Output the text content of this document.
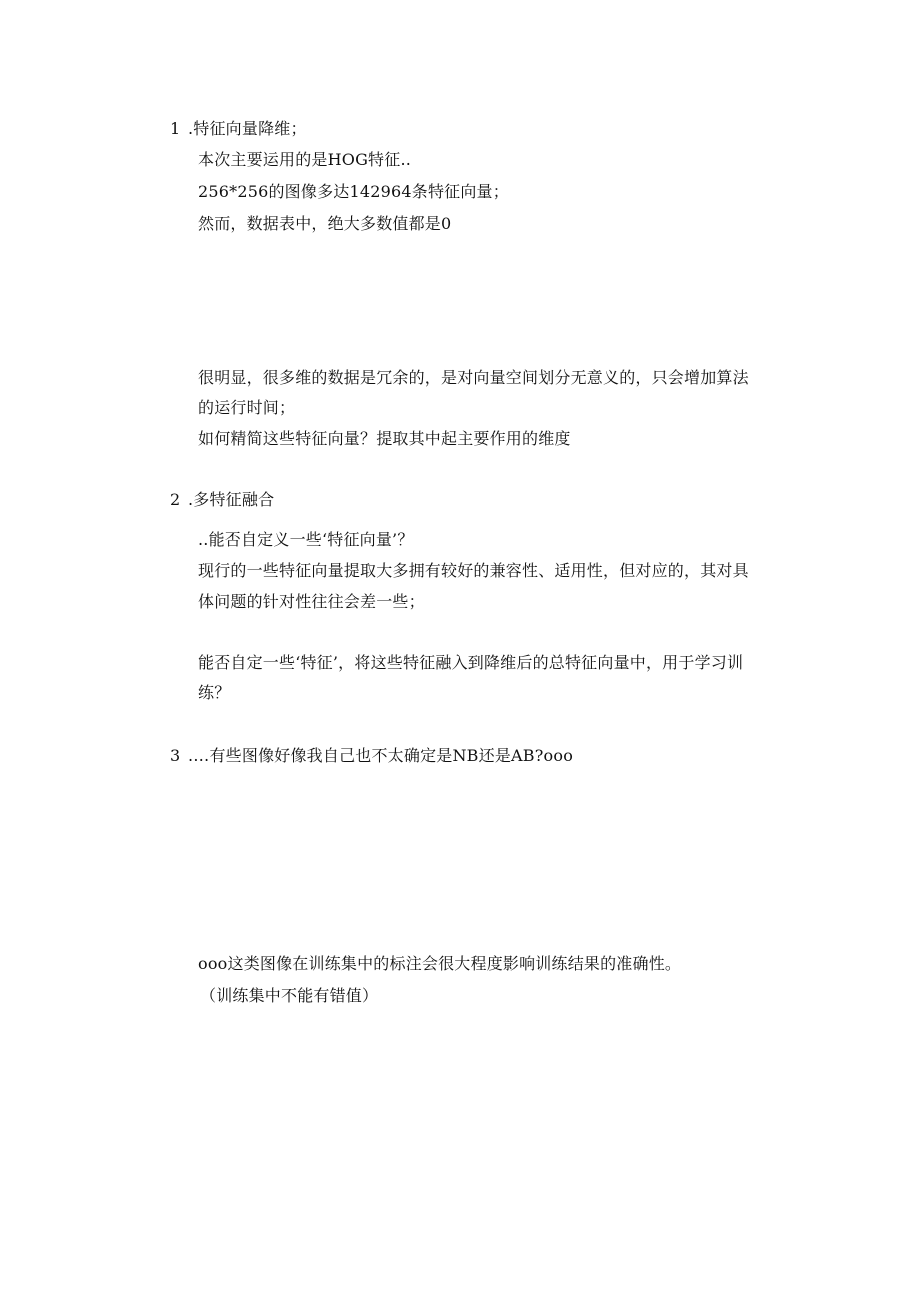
1 .特征向量降维；
本次主要运用的是HOG特征..
256*256的图像多达142964条特征向量；
然而，数据表中，绝大多数值都是0
很明显，很多维的数据是冗余的，是对向量空间划分无意义的，只会增加算法
的运行时间；
如何精简这些特征向量？提取其中起主要作用的维度
2 .多特征融合
..能否自定义一些‘特征向量’？
现行的一些特征向量提取大多拥有较好的兼容性、适用性，但对应的，其对具
体问题的针对性往往会差一些；
能否自定一些‘特征’，将这些特征融入到降维后的总特征向量中，用于学习训
练？
3 .…有些图像好像我自己也不太确定是NB还是AB?ooo
ooo这类图像在训练集中的标注会很大程度影响训练结果的准确性。
（训练集中不能有错值）
